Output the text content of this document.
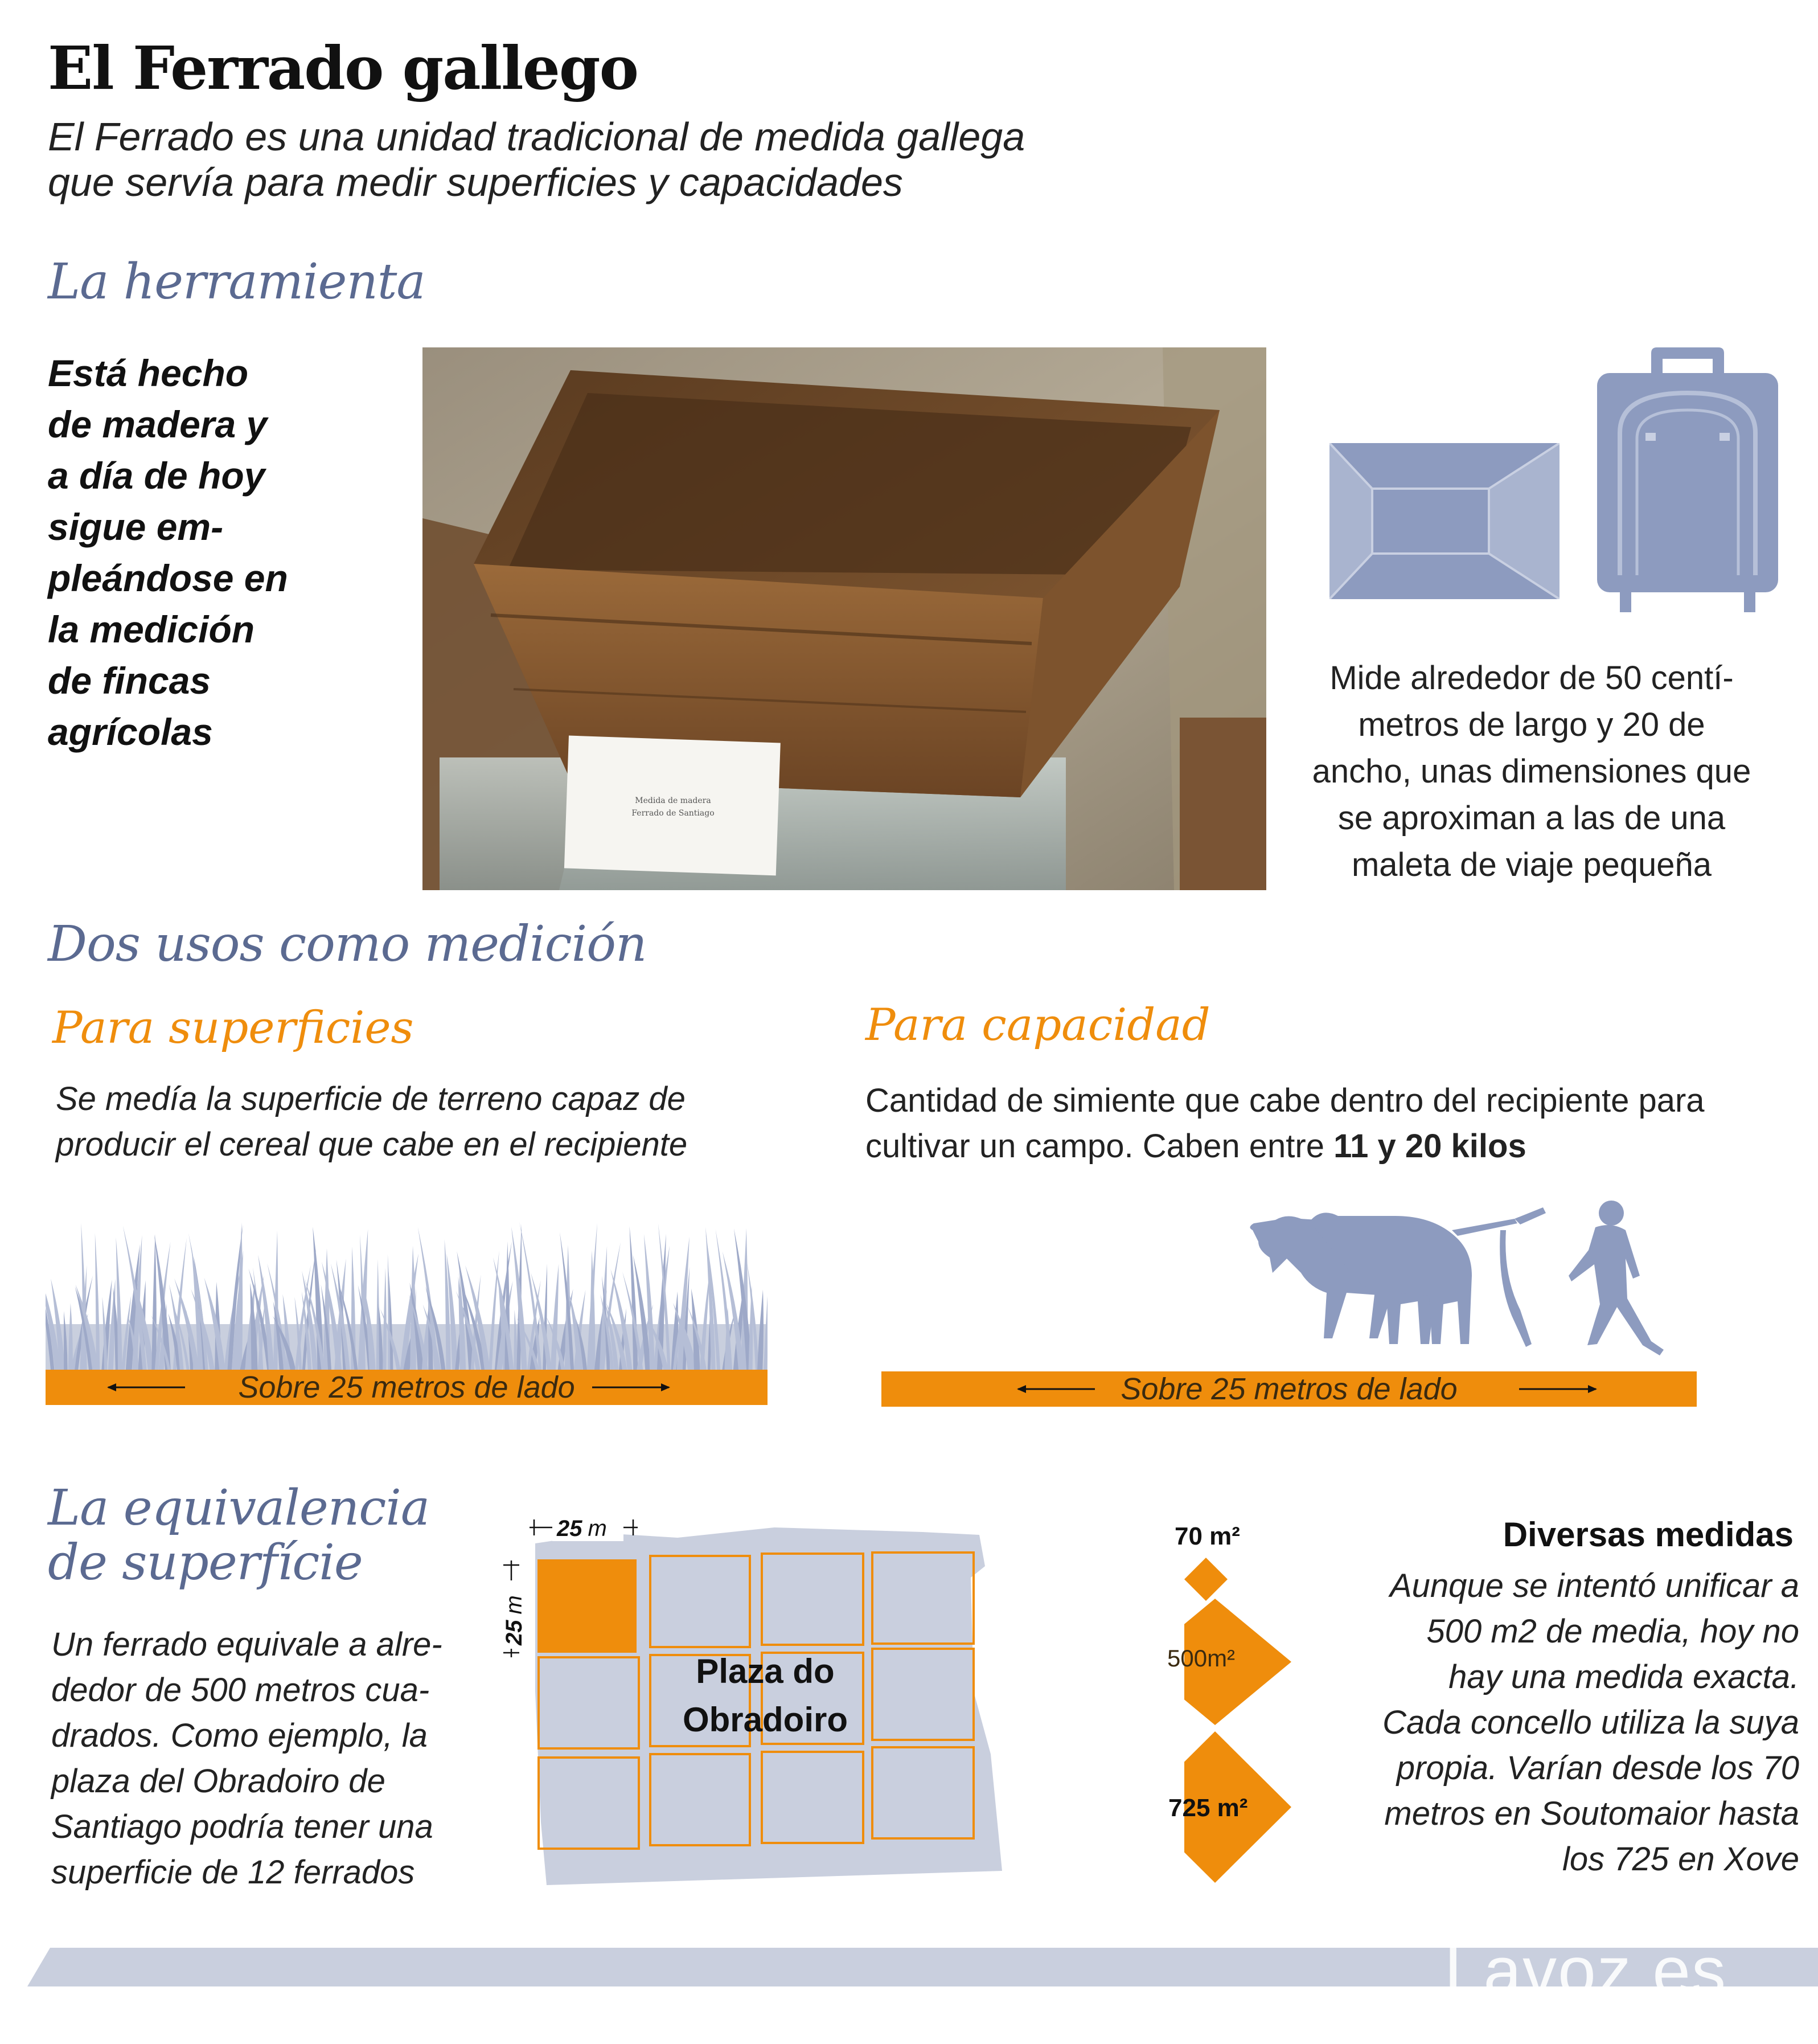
El Ferrado gallego
El Ferrado es una unidad tradicional de medida gallega
que servía para medir superficies y capacidades
La herramienta
Está hecho
de madera y
a día de hoy
sigue em-
pleándose en
la medición
de fincas
agrícolas
Medida de madera
Ferrado de Santiago
Mide alrededor de 50 centí-
metros de largo y 20 de
ancho, unas dimensiones que
se aproximan a las de una
maleta de viaje pequeña
Dos usos como medición
Para superficies
Se medía la superficie de terreno capaz de
producir el cereal que cabe en el recipiente
Para capacidad
Cantidad de simiente que cabe dentro del recipiente para
cultivar un campo. Caben entre 11 y 20 kilos
Sobre 25 metros de lado	Sobre 25 metros de lado
La equivalencia
de superfície
Un ferrado equivale a alre-
dedor de 500 metros cua-
drados. Como ejemplo, la
plaza del Obradoiro de
Santiago podría tener una
superficie de 12 ferrados
25 m
25m
Plaza do
Obradoiro
70 m²
500m²
725 m²
Diversas medidas
Aunque se intentó unificar a
500 m2 de media, hoy no
hay una medida exacta.
Cada concello utiliza la suya
propia. Varían desde los 70
metros en Soutomaior hasta
los 725 en Xove
Lavoz.es
